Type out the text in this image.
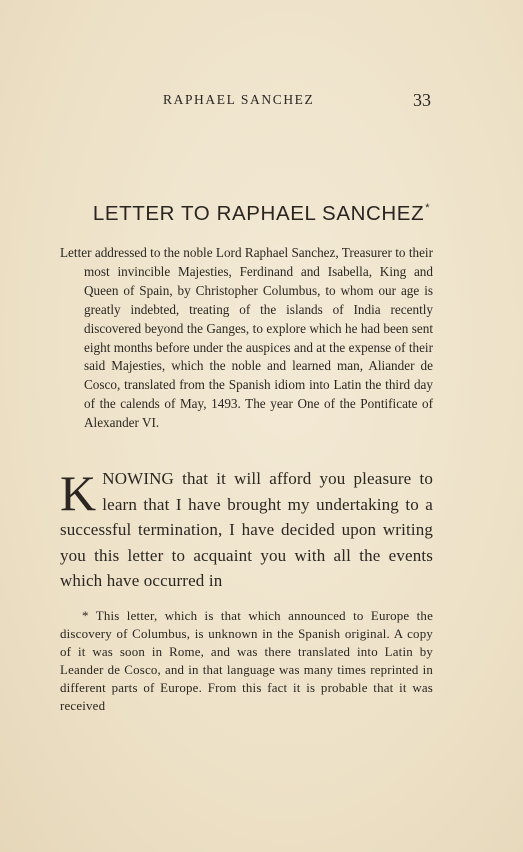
RAPHAEL SANCHEZ	33
LETTER TO RAPHAEL SANCHEZ*
Letter addressed to the noble Lord Raphael Sanchez, Treasurer to their most invincible Majesties, Ferdinand and Isabella, King and Queen of Spain, by Christopher Columbus, to whom our age is greatly indebted, treating of the islands of India recently discovered beyond the Ganges, to explore which he had been sent eight months before under the auspices and at the expense of their said Majesties, which the noble and learned man, Aliander de Cosco, translated from the Spanish idiom into Latin the third day of the calends of May, 1493. The year One of the Pontificate of Alexander VI.
KNOWING that it will afford you pleasure to learn that I have brought my undertaking to a successful termination, I have decided upon writing you this letter to acquaint you with all the events which have occurred in
* This letter, which is that which announced to Europe the discovery of Columbus, is unknown in the Spanish original. A copy of it was soon in Rome, and was there translated into Latin by Leander de Cosco, and in that language was many times reprinted in different parts of Europe. From this fact it is probable that it was received
